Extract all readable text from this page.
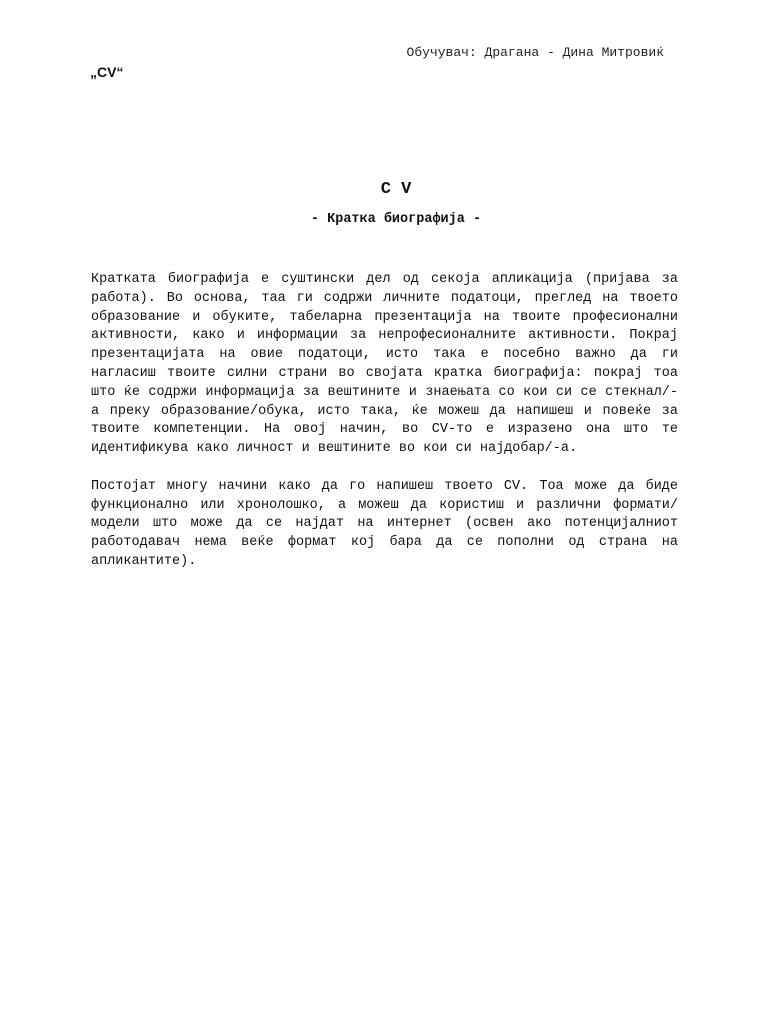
Обучувач: Драгана - Дина Митровиќ
„CV“
C V
- Кратка биографија -

Кратката биографија е суштински дел од секоја апликација (пријава за работа). Во основа, таа ги содржи личните податоци, преглед на твоето образование и обуките, табеларна презентација на твоите професионални активности, како и информации за непрофесионалните активности. Покрај презентацијата на овие податоци, исто така е посебно важно да ги нагласиш твоите силни страни во својата кратка биографија: покрај тоа што ќе содржи информација за вештините и знаењата со кои си се стекнал/-а преку образование/обука, исто така, ќе можеш да напишеш и повеќе за твоите компетенции. На овој начин, во CV-то е изразено она што те идентификува како личност и вештините во кои си најдобар/-а.

Постојат многу начини како да го напишеш твоето CV. Тоа може да биде функционално или хронолошко, а можеш да користиш и различни формати/модели што може да се најдат на интернет (освен ако потенцијалниот работодавач нема веќе формат кој бара да се пополни од страна на апликантите).
